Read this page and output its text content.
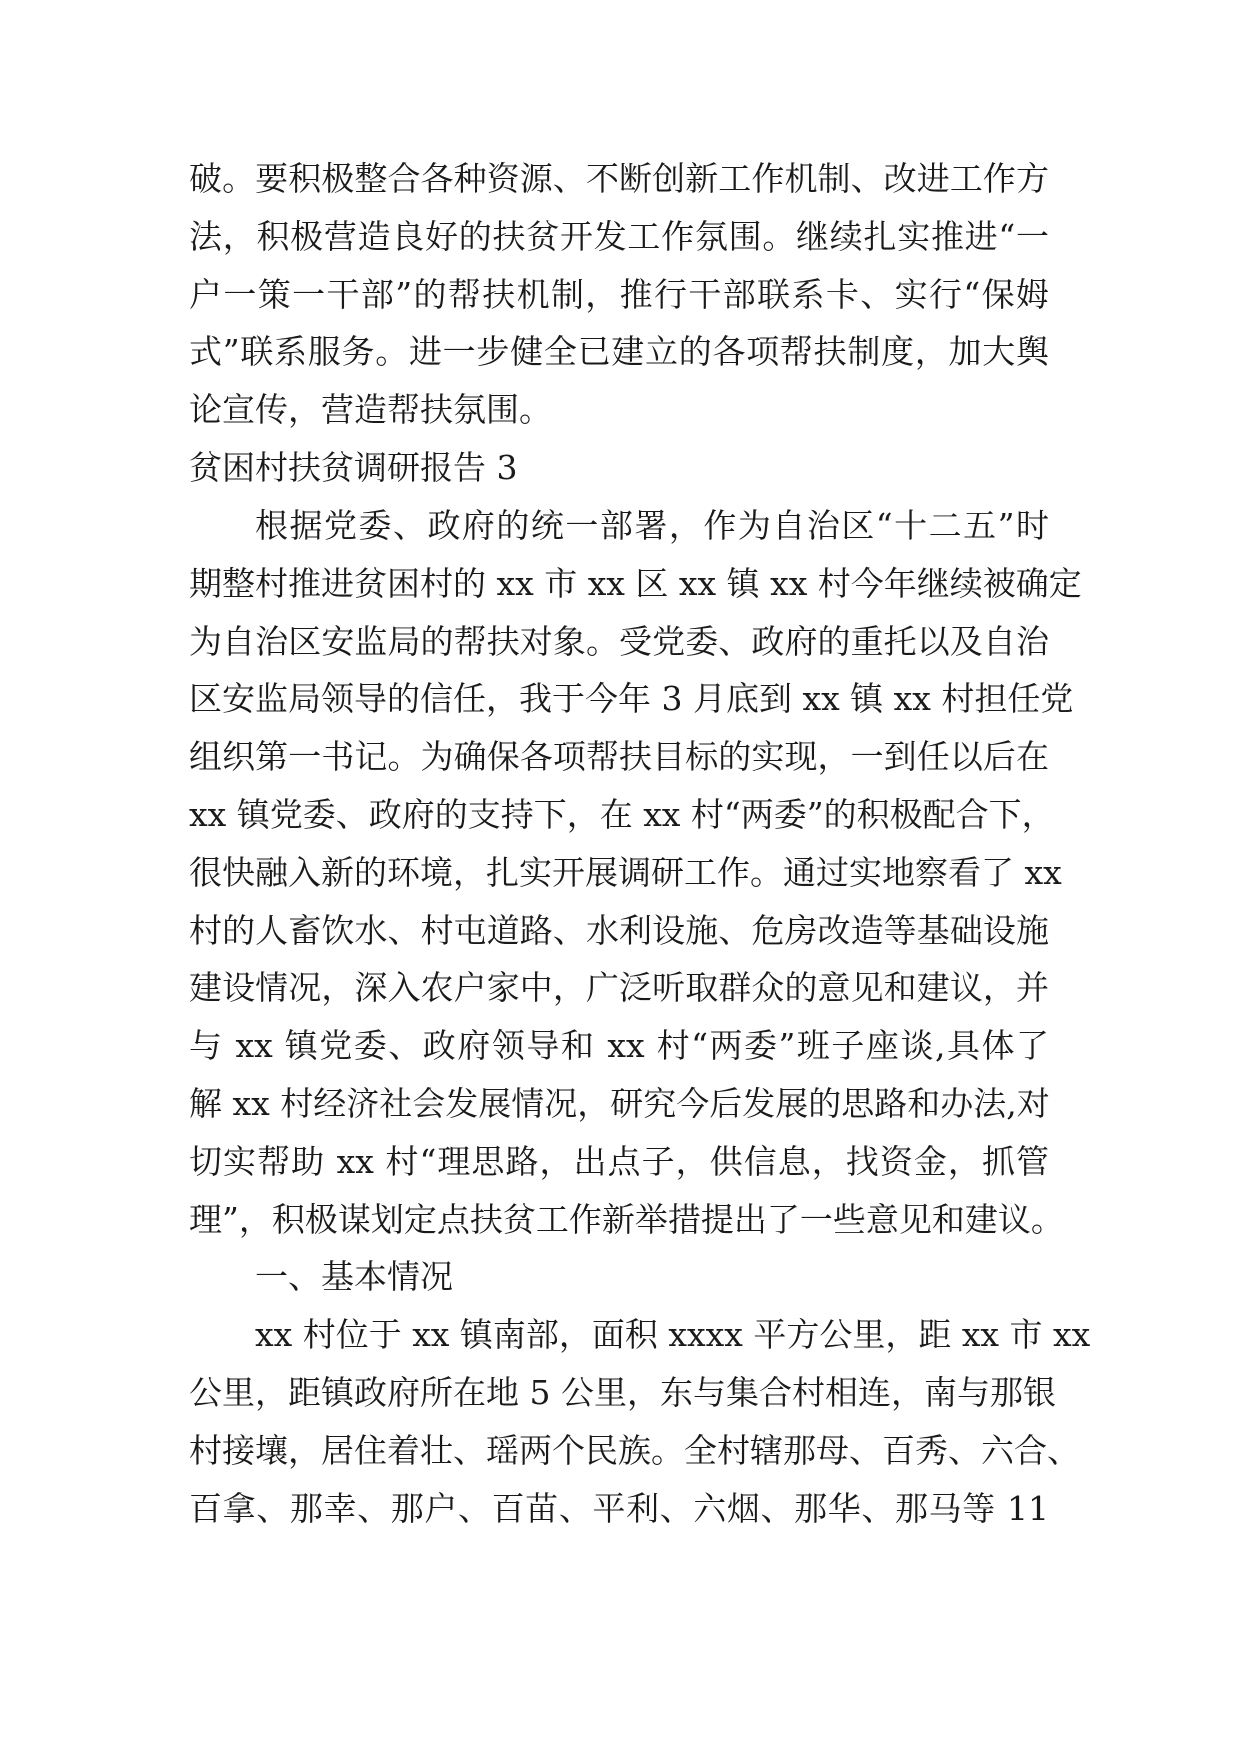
破。要积极整合各种资源、不断创新工作机制、改进工作方
法，积极营造良好的扶贫开发工作氛围。继续扎实推进“一
户一策一干部”的帮扶机制，推行干部联系卡、实行“保姆
式”联系服务。进一步健全已建立的各项帮扶制度，加大舆
论宣传，营造帮扶氛围。
贫困村扶贫调研报告 3
根据党委、政府的统一部署，作为自治区“十二五”时
期整村推进贫困村的 xx 市 xx 区 xx 镇 xx 村今年继续被确定
为自治区安监局的帮扶对象。受党委、政府的重托以及自治
区安监局领导的信任，我于今年 3 月底到 xx 镇 xx 村担任党
组织第一书记。为确保各项帮扶目标的实现，一到任以后在
xx 镇党委、政府的支持下，在 xx 村“两委”的积极配合下，
很快融入新的环境，扎实开展调研工作。通过实地察看了 xx
村的人畜饮水、村屯道路、水利设施、危房改造等基础设施
建设情况，深入农户家中，广泛听取群众的意见和建议，并
与 xx 镇党委、政府领导和 xx 村“两委”班子座谈,具体了
解 xx 村经济社会发展情况，研究今后发展的思路和办法,对
切实帮助 xx 村“理思路，出点子，供信息，找资金，抓管
理”，积极谋划定点扶贫工作新举措提出了一些意见和建议。
一、基本情况
xx 村位于 xx 镇南部，面积 xxxx 平方公里，距 xx 市 xx
公里，距镇政府所在地 5 公里，东与集合村相连，南与那银
村接壤，居住着壮、瑶两个民族。全村辖那母、百秀、六合、
百拿、那幸、那户、百苗、平利、六烟、那华、那马等 11
